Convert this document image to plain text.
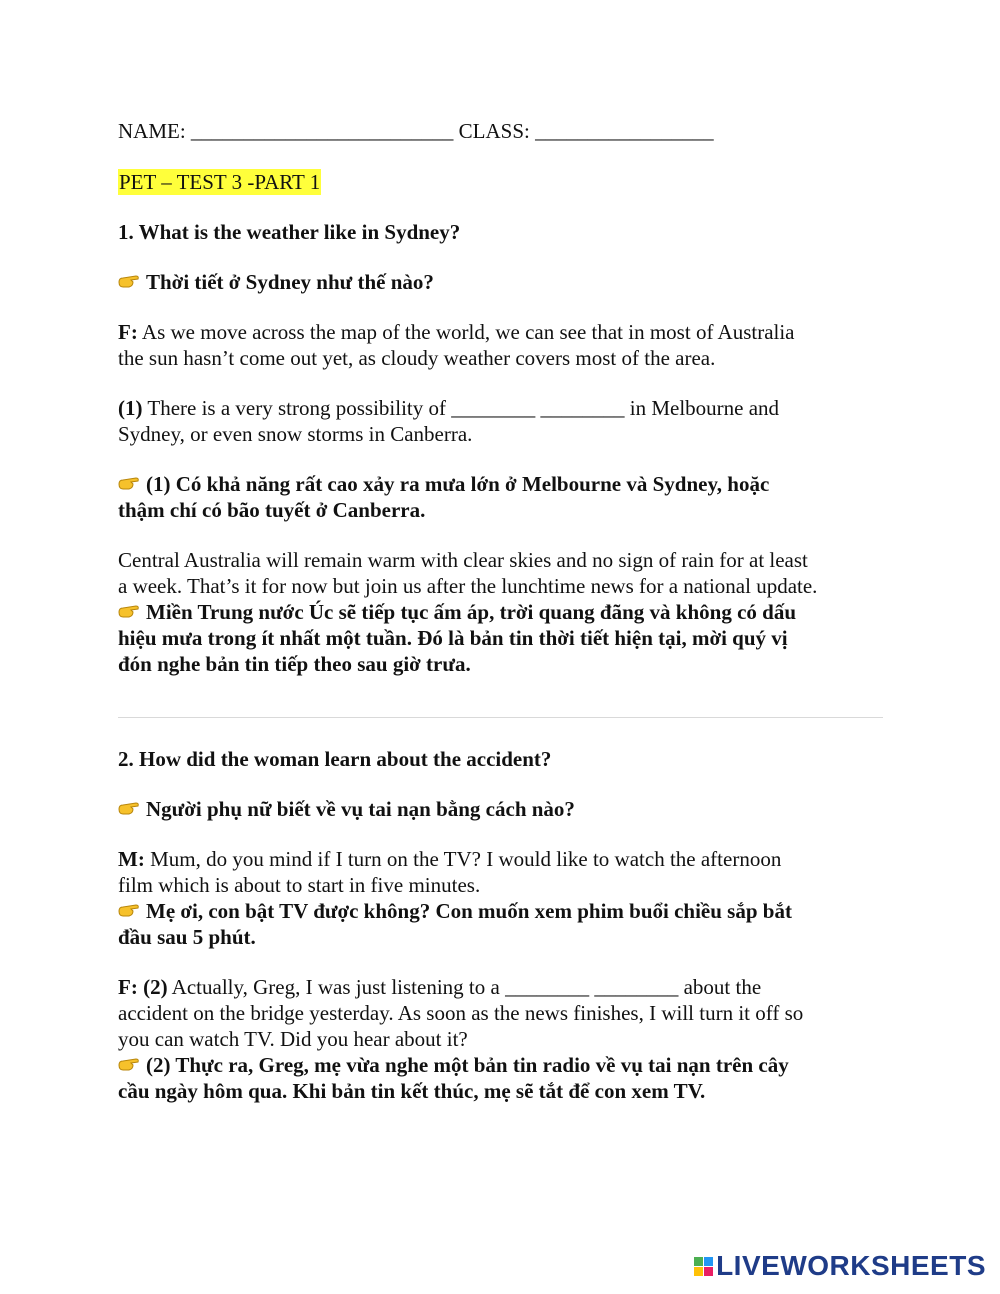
NAME: _________________________ CLASS: _________________
PET – TEST 3 -PART 1
1. What is the weather like in Sydney?
Thời tiết ở Sydney như thế nào?
F: As we move across the map of the world, we can see that in most of Australia
the sun hasn’t come out yet, as cloudy weather covers most of the area.
(1) There is a very strong possibility of ________ ________ in Melbourne and
Sydney, or even snow storms in Canberra.
(1) Có khả năng rất cao xảy ra mưa lớn ở Melbourne và Sydney, hoặc
thậm chí có bão tuyết ở Canberra.
Central Australia will remain warm with clear skies and no sign of rain for at least
a week. That’s it for now but join us after the lunchtime news for a national update.
Miền Trung nước Úc sẽ tiếp tục ấm áp, trời quang đãng và không có dấu
hiệu mưa trong ít nhất một tuần. Đó là bản tin thời tiết hiện tại, mời quý vị
đón nghe bản tin tiếp theo sau giờ trưa.
2. How did the woman learn about the accident?
Người phụ nữ biết về vụ tai nạn bằng cách nào?
M: Mum, do you mind if I turn on the TV? I would like to watch the afternoon
film which is about to start in five minutes.
Mẹ ơi, con bật TV được không? Con muốn xem phim buổi chiều sắp bắt
đầu sau 5 phút.
F: (2) Actually, Greg, I was just listening to a ________ ________ about the
accident on the bridge yesterday. As soon as the news finishes, I will turn it off so
you can watch TV. Did you hear about it?
(2) Thực ra, Greg, mẹ vừa nghe một bản tin radio về vụ tai nạn trên cây
cầu ngày hôm qua. Khi bản tin kết thúc, mẹ sẽ tắt để con xem TV.
LIVEWORKSHEETS
